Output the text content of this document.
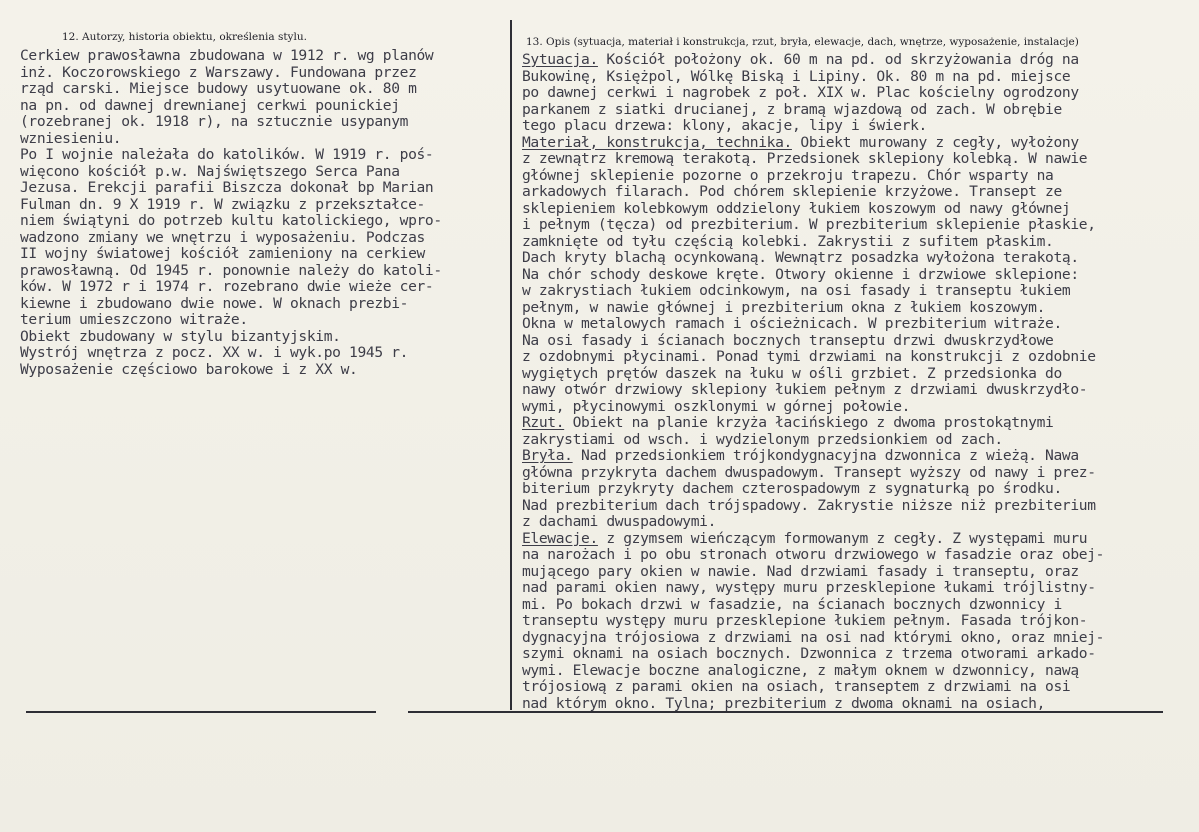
12. Autorzy, historia obiektu, określenia stylu.	13. Opis (sytuacja, materiał i konstrukcja, rzut, bryła, elewacje, dach, wnętrze, wyposażenie, instalacje)
Cerkiew prawosławna zbudowana w 1912 r. wg planów
inż. Koczorowskiego z Warszawy. Fundowana przez
rząd carski. Miejsce budowy usytuowane ok. 80 m
na pn. od dawnej drewnianej cerkwi pounickiej
(rozebranej ok. 1918 r), na sztucznie usypanym
wzniesieniu.
Po I wojnie należała do katolików. W 1919 r. poś-
więcono kościół p.w. Najświętszego Serca Pana
Jezusa. Erekcji parafii Biszcza dokonał bp Marian
Fulman dn. 9 X 1919 r. W związku z przekształce-
niem świątyni do potrzeb kultu katolickiego, wpro-
wadzono zmiany we wnętrzu i wyposażeniu. Podczas
II wojny światowej kościół zamieniony na cerkiew
prawosławną. Od 1945 r. ponownie należy do katoli-
ków. W 1972 r i 1974 r. rozebrano dwie wieże cer-
kiewne i zbudowano dwie nowe. W oknach prezbi-
terium umieszczono witraże.
Obiekt zbudowany w stylu bizantyjskim.
Wystrój wnętrza z pocz. XX w. i wyk.po 1945 r.
Wyposażenie częściowo barokowe i z XX w.
Sytuacja. Kościół położony ok. 60 m na pd. od skrzyżowania dróg na
Bukowinę, Księżpol, Wólkę Biską i Lipiny. Ok. 80 m na pd. miejsce
po dawnej cerkwi i nagrobek z poł. XIX w. Plac kościelny ogrodzony
parkanem z siatki drucianej, z bramą wjazdową od zach. W obrębie
tego placu drzewa: klony, akacje, lipy i świerk.
Materiał, konstrukcja, technika. Obiekt murowany z cegły, wyłożony
z zewnątrz kremową terakotą. Przedsionek sklepiony kolebką. W nawie
głównej sklepienie pozorne o przekroju trapezu. Chór wsparty na
arkadowych filarach. Pod chórem sklepienie krzyżowe. Transept ze
sklepieniem kolebkowym oddzielony łukiem koszowym od nawy głównej
i pełnym (tęcza) od prezbiterium. W prezbiterium sklepienie płaskie,
zamknięte od tyłu częścią kolebki. Zakrystii z sufitem płaskim.
Dach kryty blachą ocynkowaną. Wewnątrz posadzka wyłożona terakotą.
Na chór schody deskowe kręte. Otwory okienne i drzwiowe sklepione:
w zakrystiach łukiem odcinkowym, na osi fasady i transeptu łukiem
pełnym, w nawie głównej i prezbiterium okna z łukiem koszowym.
Okna w metalowych ramach i ościeżnicach. W prezbiterium witraże.
Na osi fasady i ścianach bocznych transeptu drzwi dwuskrzydłowe
z ozdobnymi płycinami. Ponad tymi drzwiami na konstrukcji z ozdobnie
wygiętych prętów daszek na łuku w ośli grzbiet. Z przedsionka do
nawy otwór drzwiowy sklepiony łukiem pełnym z drzwiami dwuskrzydło-
wymi, płycinowymi oszklonymi w górnej połowie.
Rzut. Obiekt na planie krzyża łacińskiego z dwoma prostokątnymi
zakrystiami od wsch. i wydzielonym przedsionkiem od zach.
Bryła. Nad przedsionkiem trójkondygnacyjna dzwonnica z wieżą. Nawa
główna przykryta dachem dwuspadowym. Transept wyższy od nawy i prez-
biterium przykryty dachem czterospadowym z sygnaturką po środku.
Nad prezbiterium dach trójspadowy. Zakrystie niższe niż prezbiterium
z dachami dwuspadowymi.
Elewacje. z gzymsem wieńczącym formowanym z cegły. Z występami muru
na narożach i po obu stronach otworu drzwiowego w fasadzie oraz obej-
mującego pary okien w nawie. Nad drzwiami fasady i transeptu, oraz
nad parami okien nawy, występy muru przesklepione łukami trójlistny-
mi. Po bokach drzwi w fasadzie, na ścianach bocznych dzwonnicy i
transeptu występy muru przesklepione łukiem pełnym. Fasada trójkon-
dygnacyjna trójosiowa z drzwiami na osi nad którymi okno, oraz mniej-
szymi oknami na osiach bocznych. Dzwonnica z trzema otworami arkado-
wymi. Elewacje boczne analogiczne, z małym oknem w dzwonnicy, nawą
trójosiową z parami okien na osiach, transeptem z drzwiami na osi
nad którym okno. Tylna; prezbiterium z dwoma oknami na osiach,
